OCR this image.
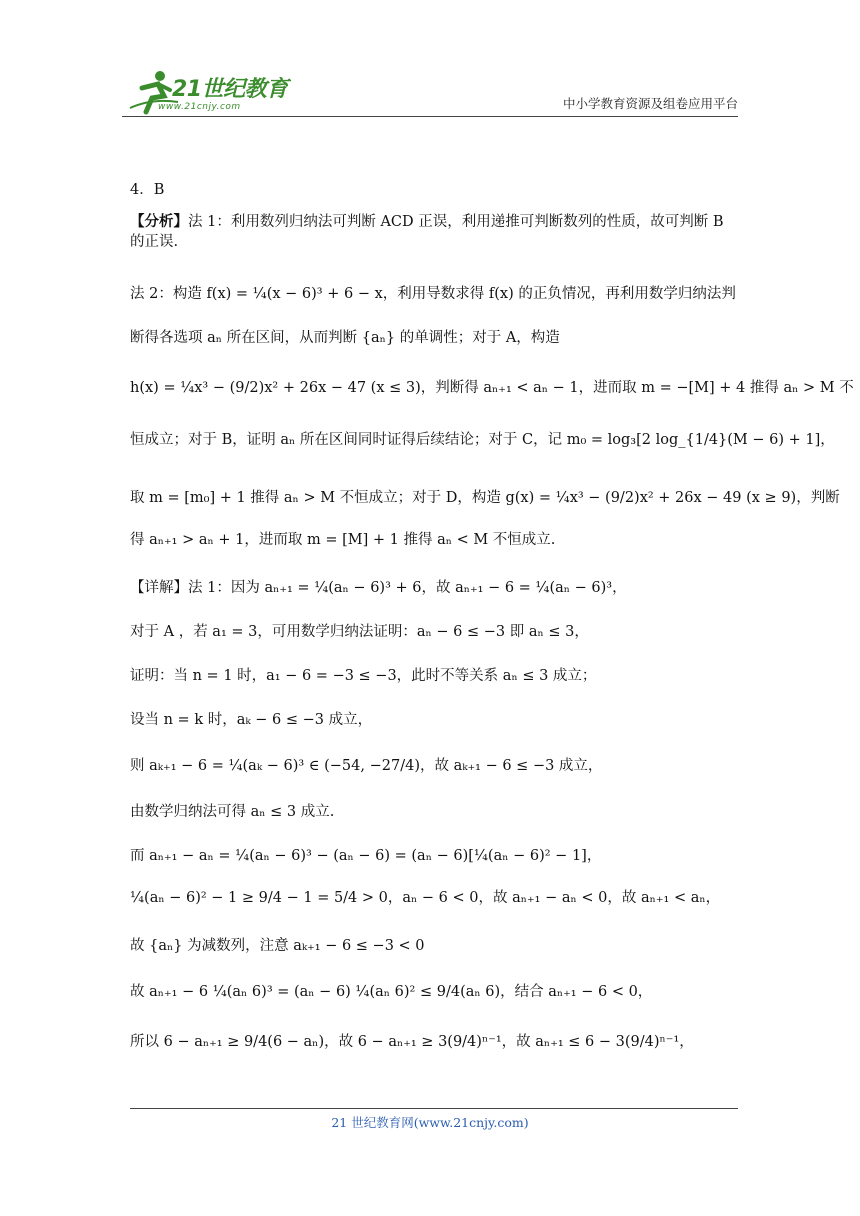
21世纪教育
www.21cnjy.com	中小学教育资源及组卷应用平台
4．B
【分析】法 1：利用数列归纳法可判断 ACD 正误，利用递推可判断数列的性质，故可判断 B 的正误.
法 2：构造 f(x) = ¼(x − 6)³ + 6 − x，利用导数求得 f(x) 的正负情况，再利用数学归纳法判
断得各选项 aₙ 所在区间，从而判断 {aₙ} 的单调性；对于 A，构造
h(x) = ¼x³ − (9/2)x² + 26x − 47 (x ≤ 3)，判断得 aₙ₊₁ < aₙ − 1，进而取 m = −[M] + 4 推得 aₙ > M 不
恒成立；对于 B，证明 aₙ 所在区间同时证得后续结论；对于 C，记 m₀ = log₃[2 log_{1/4}(M − 6) + 1]，
取 m = [m₀] + 1 推得 aₙ > M 不恒成立；对于 D，构造 g(x) = ¼x³ − (9/2)x² + 26x − 49 (x ≥ 9)，判断
得 aₙ₊₁ > aₙ + 1，进而取 m = [M] + 1 推得 aₙ < M 不恒成立.
【详解】法 1：因为 aₙ₊₁ = ¼(aₙ − 6)³ + 6，故 aₙ₊₁ − 6 = ¼(aₙ − 6)³，
对于 A ，若 a₁ = 3，可用数学归纳法证明：aₙ − 6 ≤ −3 即 aₙ ≤ 3，
证明：当 n = 1 时，a₁ − 6 = −3 ≤ −3，此时不等关系 aₙ ≤ 3 成立；
设当 n = k 时，aₖ − 6 ≤ −3 成立，
则 aₖ₊₁ − 6 = ¼(aₖ − 6)³ ∈ (−54, −27/4)，故 aₖ₊₁ − 6 ≤ −3 成立，
由数学归纳法可得 aₙ ≤ 3 成立.
而 aₙ₊₁ − aₙ = ¼(aₙ − 6)³ − (aₙ − 6) = (aₙ − 6)[¼(aₙ − 6)² − 1]，
¼(aₙ − 6)² − 1 ≥ 9/4 − 1 = 5/4 > 0，aₙ − 6 < 0，故 aₙ₊₁ − aₙ < 0，故 aₙ₊₁ < aₙ，
故 {aₙ} 为减数列，注意 aₖ₊₁ − 6 ≤ −3 < 0
故 aₙ₊₁ − 6 ¼(aₙ 6)³ = (aₙ − 6) ¼(aₙ 6)² ≤ 9/4(aₙ 6)，结合 aₙ₊₁ − 6 < 0，
所以 6 − aₙ₊₁ ≥ 9/4(6 − aₙ)，故 6 − aₙ₊₁ ≥ 3(9/4)ⁿ⁻¹，故 aₙ₊₁ ≤ 6 − 3(9/4)ⁿ⁻¹，
21 世纪教育网(www.21cnjy.com)
